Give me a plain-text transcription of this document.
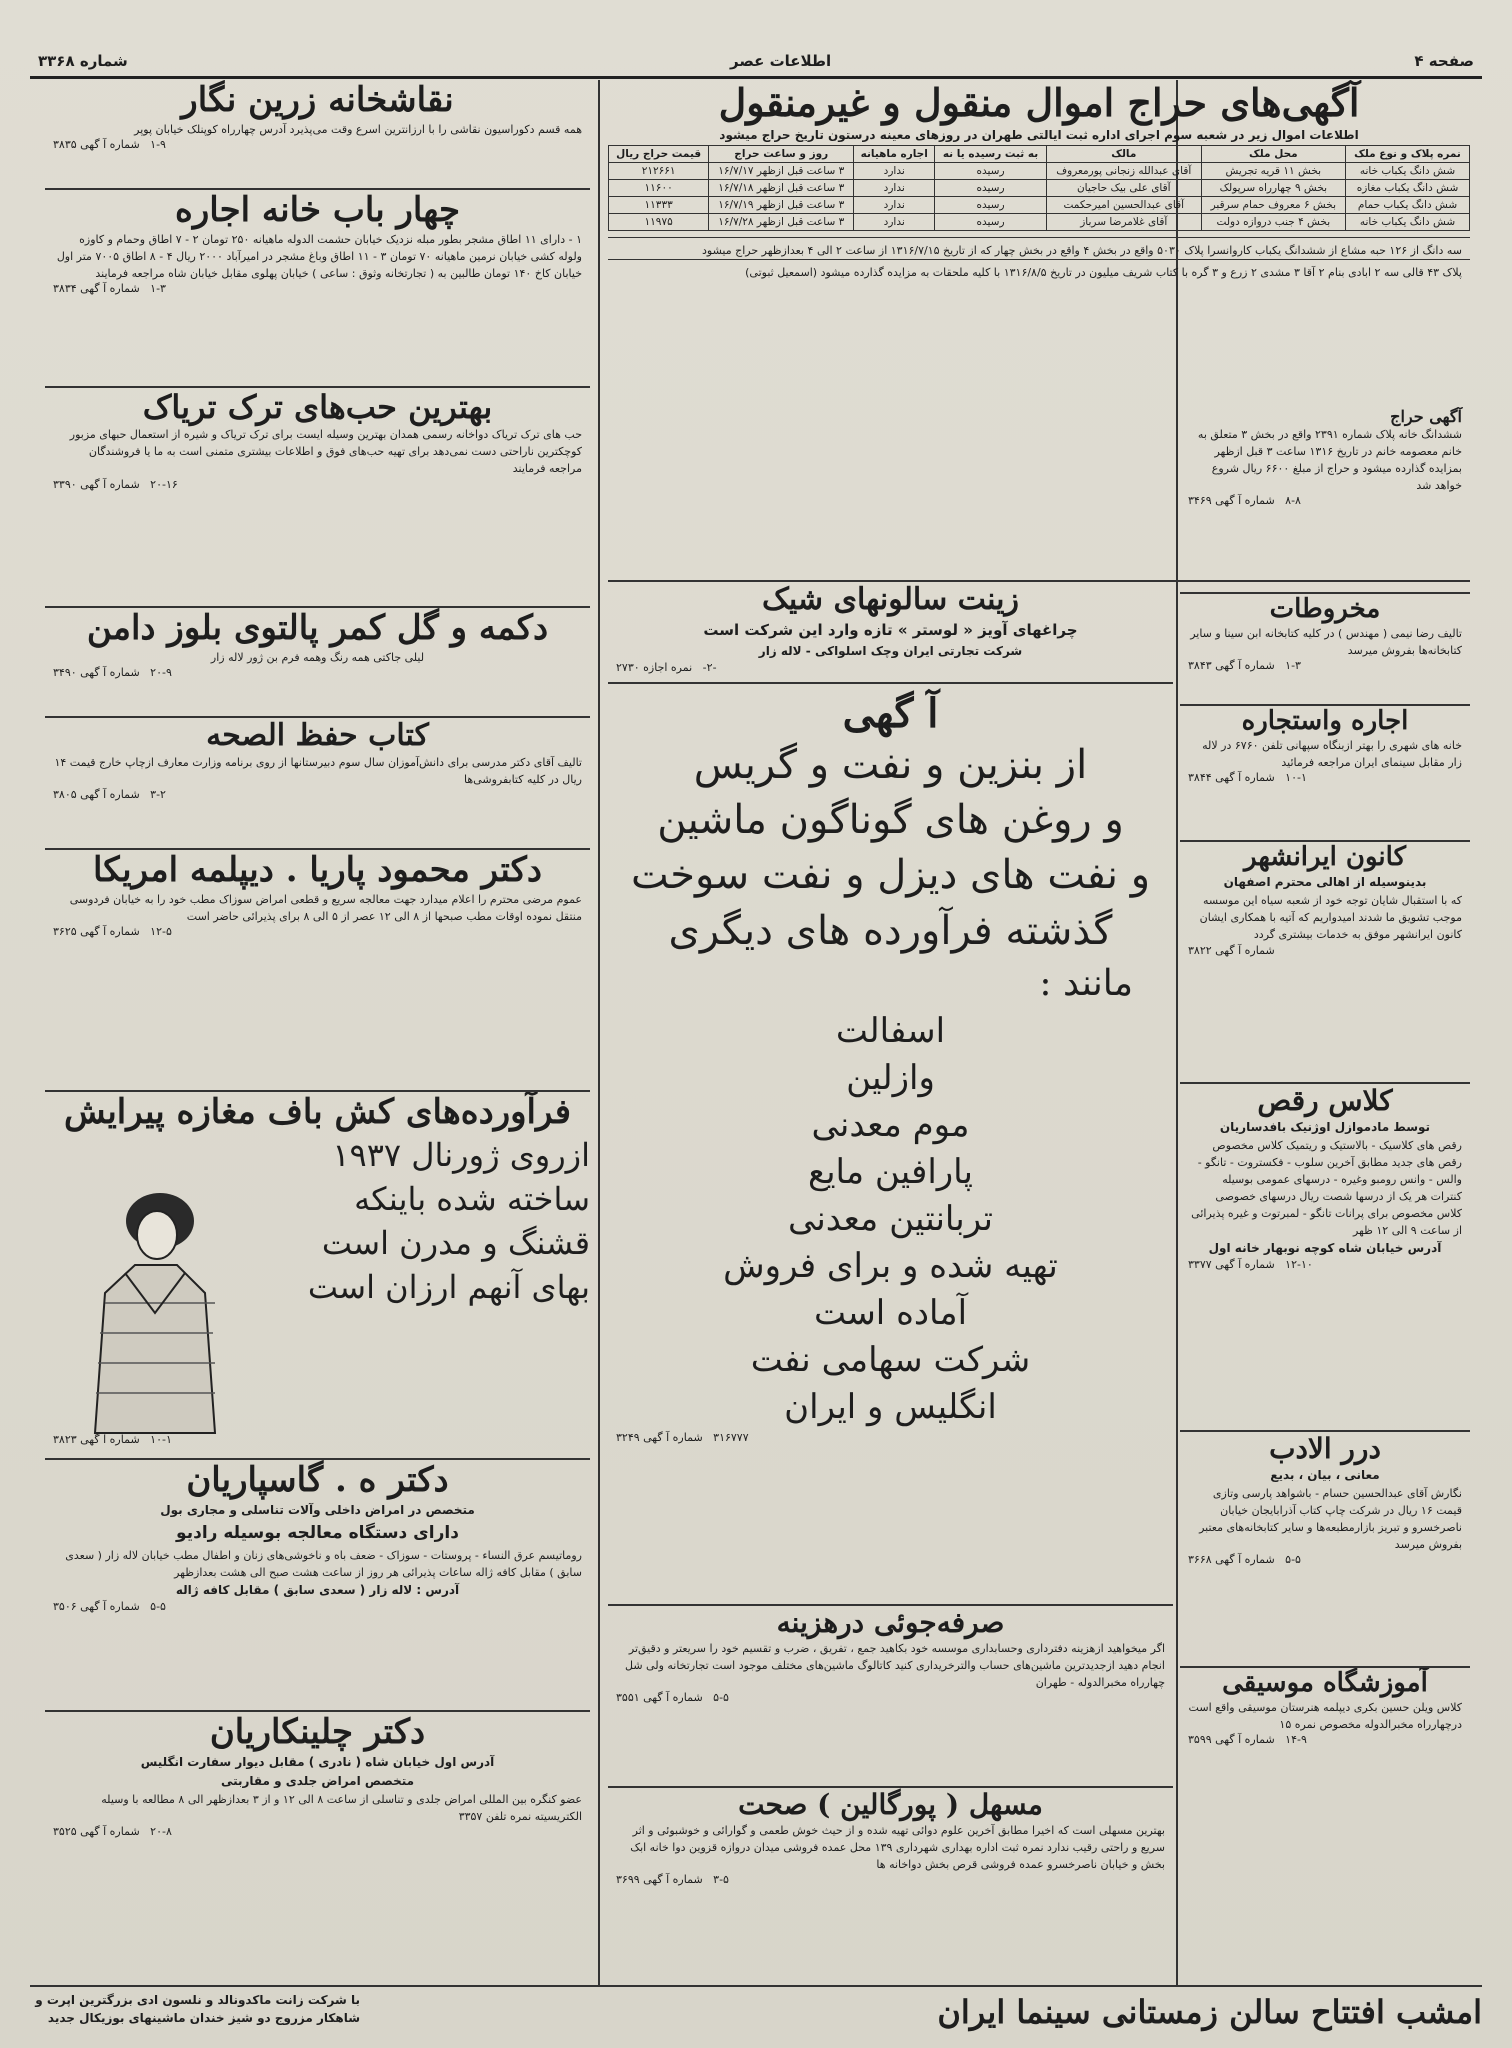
شماره ۳۳۶۸	اطلاعات عصر	صفحه ۴
نقاشخانه زرین نگار
همه قسم دکوراسیون نقاشی را با ارزانترین اسرع وقت می‌پذیرد آدرس چهارراه کوپنلک خیابان پوپر
۱-۹   شماره آ گهی ۳۸۳۵
چهار باب خانه اجاره
۱ - دارای ۱۱ اطاق مشجر بطور مبله نزدیک خیابان حشمت الدوله ماهیانه ۲۵۰ تومان ۲ - ۷ اطاق وحمام و کاوزه ولوله کشی خیابان نرمین ماهیانه ۷۰ تومان ۳ - ۱۱ اطاق وباغ مشجر در امیرآباد ۲۰۰۰ ریال ۴ - ۸ اطاق ۷۰۰۵ متر اول خیابان کاخ ۱۴۰ تومان طالبین به ( تجارتخانه وثوق : ساعی ) خیابان پهلوی مقابل خیابان شاه مراجعه فرمایند
۱-۳   شماره آ گهی ۳۸۳۴
بهترین حب‌های ترک تریاک
حب های ترک تریاک دواخانه رسمی همدان بهترین وسیله ایست برای ترک تریاک و شیره از استعمال حبهای مزبور کوچکترین ناراحتی دست نمی‌دهد برای تهیه حب‌های فوق و اطلاعات بیشتری متمنی است به ما یا فروشندگان مراجعه فرمایند
۲۰-۱۶   شماره آ گهی ۳۳۹۰
دکمه و گل کمر پالتوی بلوز دامن
لیلی جاکتی همه رنگ وهمه فرم بن ژور لاله زار
۲۰-۹   شماره آ گهی ۳۴۹۰
کتاب حفظ الصحه
تالیف آقای دکتر مدرسی برای دانش‌آموزان سال سوم دبیرستانها از روی برنامه وزارت معارف ازچاپ خارج قیمت ۱۴ ریال در کلیه کتابفروشی‌ها
۳-۲   شماره آ گهی ۳۸۰۵
دکتر محمود پاریا . دیپلمه امریکا
عموم مرضی محترم را اعلام میدارد جهت معالجه سریع و قطعی امراض سوزاک مطب خود را به خیابان فردوسی منتقل نموده اوقات مطب صبحها از ۸ الی ۱۲ عصر از ۵ الی ۸ برای پذیرائی حاضر است
۱۲-۵   شماره آ گهی ۳۶۲۵
فرآورده‌های کش باف مغازه پیرایش
ازروی ژورنال ۱۹۳۷
ساخته شده باینکه
قشنگ و مدرن است
بهای آنهم ارزان است
۱۰-۱   شماره آ گهی ۳۸۲۳
دکتر ه . گاسپاریان
متخصص در امراض داخلی وآلات تناسلی و مجاری بول
دارای دستگاه معالجه بوسیله رادیو
روماتیسم عرق النساء - پروستات - سوزاک - ضعف باه و ناخوشی‌های زنان و اطفال مطب خیابان لاله زار ( سعدی سابق ) مقابل کافه ژاله ساعات پذیرائی هر روز از ساعت هشت صبح الی هشت بعدازظهر
آدرس : لاله زار ( سعدی سابق ) مقابل کافه ژاله
۵-۵   شماره آ گهی ۳۵۰۶
دکتر چلینکاریان
آدرس اول خیابان شاه ( نادری ) مقابل دیوار سفارت انگلیس
متخصص امراض جلدی و مقاربتی
عضو کنگره بین المللی امراض جلدی و تناسلی از ساعت ۸ الی ۱۲ و از ۳ بعدازظهر الی ۸ مطالعه با وسیله الکتریسیته نمره تلفن ۳۳۵۷
۲۰-۸   شماره آ گهی ۳۵۲۵
آگهی‌های حراج اموال منقول و غیرمنقول
اطلاعات اموال زیر در شعبه سوم اجرای اداره ثبت ایالتی طهران در روزهای معینه درستون تاریخ حراج میشود
نمره پلاک و نوع ملک	محل ملک	مالک	به ثبت رسیده یا نه	اجاره ماهیانه	روز و ساعت حراج	قیمت حراج ریال
شش دانگ یکباب خانه	بخش ۱۱ قریه تجریش	آقای عبدالله زنجانی پورمعروف	رسیده	ندارد	۳ ساعت قبل ازظهر ۱۶/۷/۱۷	۲۱۲۶۶۱
شش دانگ یکباب مغازه	بخش ۹ چهارراه سرپولک	آقای علی بیک حاجیان	رسیده	ندارد	۳ ساعت قبل ازظهر ۱۶/۷/۱۸	۱۱۶۰۰
شش دانگ یکباب حمام	بخش ۶ معروف حمام سرقبر	آقای عبدالحسین امیرحکمت	رسیده	ندارد	۳ ساعت قبل ازظهر ۱۶/۷/۱۹	۱۱۳۳۳
شش دانگ یکباب خانه	بخش ۴ جنب دروازه دولت	آقای غلامرضا سرباز	رسیده	ندارد	۳ ساعت قبل ازظهر ۱۶/۷/۲۸	۱۱۹۷۵
سه دانگ از ۱۲۶ حبه مشاع از ششدانگ یکباب کاروانسرا پلاک ۵۰۳۰ واقع در بخش ۴ واقع در بخش چهار که از تاریخ ۱۳۱۶/۷/۱۵ از ساعت ۲ الی ۴ بعدازظهر حراج میشود
پلاک ۴۳ قالی سه ۲ ابادی بنام ۲ آقا ۳ مشدی ۲ زرع و ۳ گره با کتاب شریف میلیون در تاریخ ۱۳۱۶/۸/۵ با کلیه ملحقات به مزایده گذارده میشود (اسمعیل ثبوتی)
زینت سالونهای شیک
چراغهای آویز « لوستر » تازه وارد این شرکت است
شرکت تجارتی ایران وچک اسلواکی - لاله زار
-۲-   نمره اجازه ۲۷۳۰
آ گهی
از بنزین و نفت و گریس
و روغن های گوناگون ماشین
و نفت های دیزل و نفت سوخت
گذشته فرآورده های دیگری
مانند :
اسفالت
وازلین
موم معدنی
پارافین مایع
تربانتین معدنی
تهیه شده و برای فروش
آماده است
شرکت سهامی نفت
انگلیس و ایران
۳۱۶۷۷۷   شماره آ گهی ۳۲۴۹
صرفه‌جوئی درهزینه
اگر میخواهید ازهزینه دفترداری وحسابداری موسسه خود بکاهید جمع ، تفریق ، ضرب و تقسیم خود را سریعتر و دقیق‌تر انجام دهید ازجدیدترین ماشین‌های حساب والترخریداری کنید کاتالوگ ماشین‌های مختلف موجود است تجارتخانه ولی شل چهارراه مخبرالدوله - طهران
۵-۵   شماره آ گهی ۳۵۵۱
مسهل ( پورگالین ) صحت
بهترین مسهلی است که اخیرا مطابق آخرین علوم دوائی تهیه شده و از حیث خوش طعمی و گوارائی و خوشبوئی و اثر سریع و راحتی رقیب ندارد نمره ثبت اداره بهداری شهرداری ۱۳۹ محل عمده فروشی میدان دروازه قزوین دوا خانه ابک بخش و خیابان ناصرخسرو عمده فروشی قرص بخش دواخانه ها
۳-۵   شماره آ گهی ۳۶۹۹
آگهی حراج
ششدانگ خانه پلاک شماره ۲۳۹۱ واقع در بخش ۳ متعلق به خانم معصومه خانم در تاریخ ۱۳۱۶ ساعت ۳ قبل ازظهر بمزایده گذارده میشود و حراج از مبلغ ۶۶۰۰ ریال شروع خواهد شد
۸-۸   شماره آ گهی ۳۴۶۹
مخروطات
تالیف رضا نیمی ( مهندس ) در کلیه کتابخانه ابن سینا و سایر کتابخانه‌ها بفروش میرسد
۱-۳   شماره آ گهی ۳۸۴۳
اجاره واستجاره
خانه های شهری را بهتر ازبنگاه سپهانی تلفن ۶۷۶۰ در لاله زار مقابل سینمای ایران مراجعه فرمائید
۱۰-۱   شماره آ گهی ۳۸۴۴
کانون ایرانشهر
بدینوسیله از اهالی محترم اصفهان
که با استقبال شایان توجه خود از شعبه سیاه این موسسه موجب تشویق ما شدند امیدواریم که آتیه با همکاری ایشان کانون ایرانشهر موفق به خدمات بیشتری گردد
شماره آ گهی ۳۸۲۲
کلاس رقص
توسط مادموازل اوژنیک بافدساریان
رقص های کلاسیک - بالاستیک و ریتمیک کلاس مخصوص رقص های جدید مطابق آخرین سلوب - فکستروت - تانگو - والس - وانس رومبو وغیره - درسهای عمومی بوسیله کنترات هر یک از درسها شصت ریال درسهای خصوصی کلاس مخصوص برای پرانات تانگو - لمبرتوت و غیره پذیرائی از ساعت ۹ الی ۱۲ ظهر
آدرس خیابان شاه کوچه نوبهار خانه اول
۱۲-۱۰   شماره آ گهی ۳۳۷۷
درر الادب
معانی ، بیان ، بدیع
نگارش آقای عبدالحسین حسام - باشواهد پارسی وتازی قیمت ۱۶ ریال در شرکت چاپ کتاب آذرابایجان خیابان ناصرخسرو و تبریز بازارمطبعه‌ها و سایر کتابخانه‌های معتبر بفروش میرسد
۵-۵   شماره آ گهی ۳۶۶۸
آموزشگاه موسیقی
کلاس ویلن حسین بکری دیپلمه هنرستان موسیقی واقع است درچهارراه مخبرالدوله مخصوص نمره ۱۵
۱۴-۹   شماره آ گهی ۳۵۹۹
امشب افتتاح سالن زمستانی سینما ایران
با شرکت زانت ماکدونالد و نلسون ادی بزرگترین اپرت و شاهکار مزروج دو شیز خندان ماشینهای بوزیکال جدید
